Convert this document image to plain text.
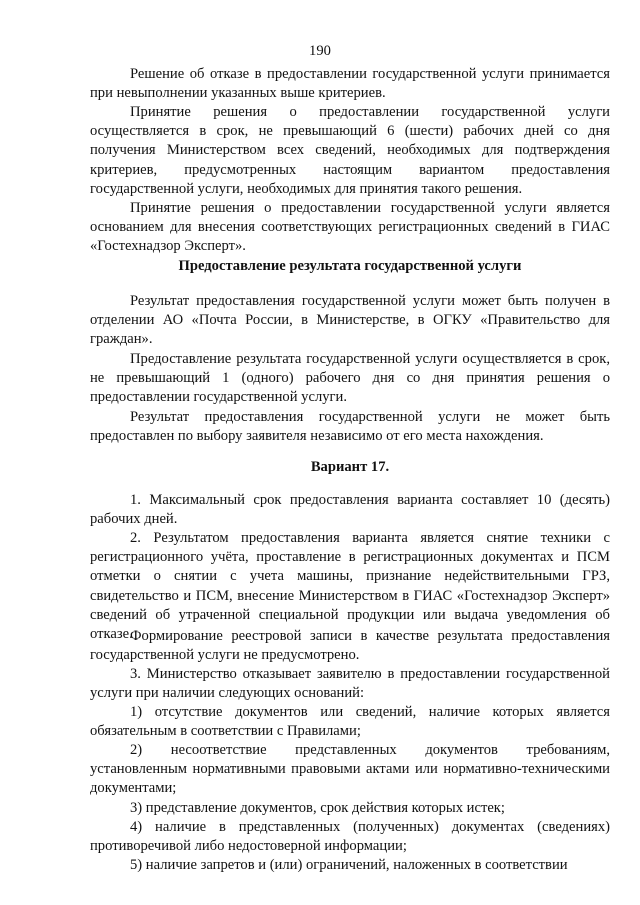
190

Решение об отказе в предоставлении государственной услуги принимается при невыполнении указанных выше критериев.

Принятие решения о предоставлении государственной услуги осуществляется в срок, не превышающий 6 (шести) рабочих дней со дня получения Министерством всех сведений, необходимых для подтверждения критериев, предусмотренных настоящим вариантом предоставления государственной услуги, необходимых для принятия такого решения.

Принятие решения о предоставлении государственной услуги является основанием для внесения соответствующих регистрационных сведений в ГИАС «Гостехнадзор Эксперт».

Предоставление результата государственной услуги

Результат предоставления государственной услуги может быть получен в отделении АО «Почта России, в Министерстве, в ОГКУ «Правительство для граждан».

Предоставление результата государственной услуги осуществляется в срок, не превышающий 1 (одного) рабочего дня со дня принятия решения о предоставлении государственной услуги.

Результат предоставления государственной услуги не может быть предоставлен по выбору заявителя независимо от его места нахождения.

Вариант 17.

1. Максимальный срок предоставления варианта составляет 10 (десять) рабочих дней.

2. Результатом предоставления варианта является снятие техники с регистрационного учёта, проставление в регистрационных документах и ПСМ отметки о снятии с учета машины, признание недействительными ГРЗ, свидетельство и ПСМ, внесение Министерством в ГИАС «Гостехнадзор Эксперт» сведений об утраченной специальной продукции или выдача уведомления об отказе.

Формирование реестровой записи в качестве результата предоставления государственной услуги не предусмотрено.

3. Министерство отказывает заявителю в предоставлении государственной услуги при наличии следующих оснований:

1) отсутствие документов или сведений, наличие которых является обязательным в соответствии с Правилами;

2) несоответствие представленных документов требованиям, установленным нормативными правовыми актами или нормативно-техническими документами;

3) представление документов, срок действия которых истек;

4) наличие в представленных (полученных) документах (сведениях) противоречивой либо недостоверной информации;

5) наличие запретов и (или) ограничений, наложенных в соответствии
